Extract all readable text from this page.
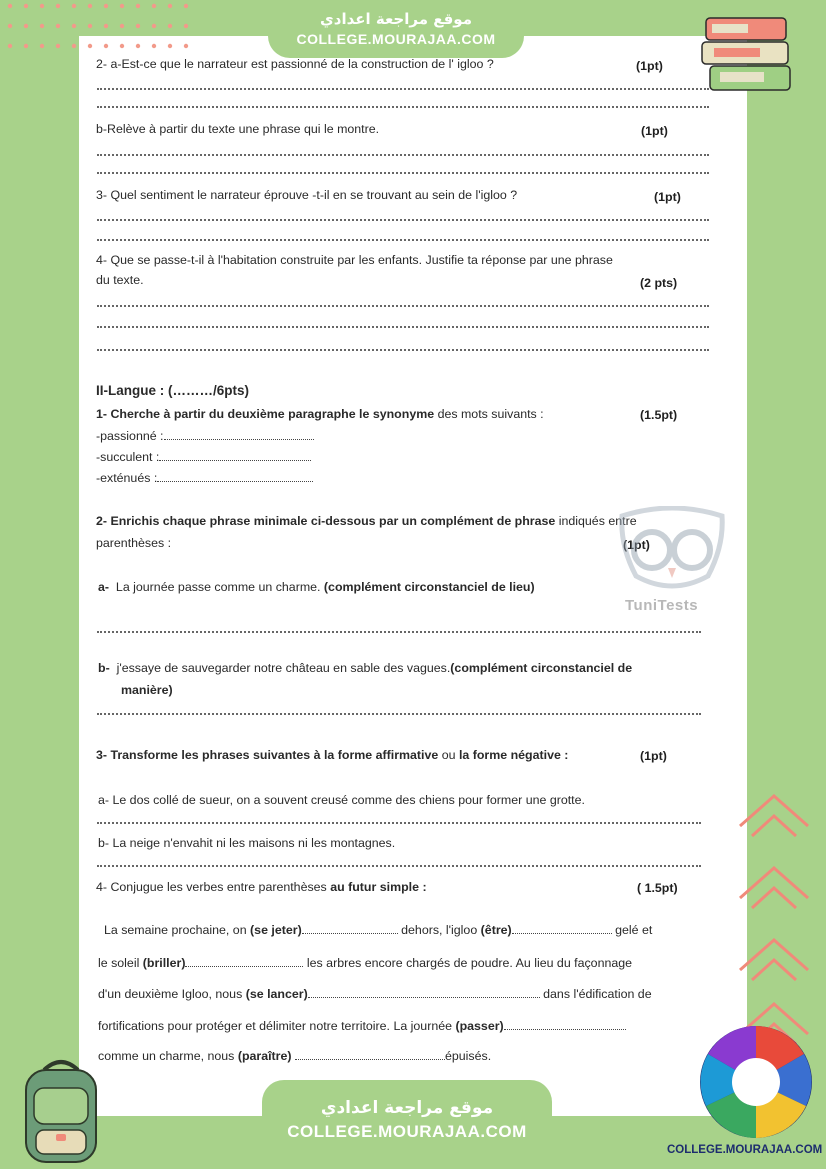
موقع مراجعة اعدادي
COLLEGE.MOURAJAA.COM
2- a-Est-ce que le narrateur est passionné de la construction de l' igloo ?	(1pt)
b-Relève à partir du texte une phrase qui le montre.	(1pt)
3- Quel sentiment le narrateur éprouve -t-il en se trouvant au sein de l'igloo ?	(1pt)
4- Que se passe-t-il à l'habitation construite par les enfants. Justifie ta réponse par une phrase
du texte.	(2 pts)
II-Langue : (………/6pts)
1- Cherche à partir du deuxième paragraphe le synonyme des mots suivants :	(1.5pt)
-passionné :
-succulent :
-exténués :
2- Enrichis chaque phrase minimale ci-dessous par un complément de phrase indiqués entre
parenthèses :	(1pt)
TuniTests
a- La journée passe comme un charme. (complément circonstanciel de lieu)
b- j'essaye de sauvegarder notre château en sable des vagues.(complément circonstanciel de
manière)
3- Transforme les phrases suivantes à la forme affirmative ou la forme négative :	(1pt)
a- Le dos collé de sueur, on a souvent creusé comme des chiens pour former une grotte.
b- La neige n'envahit ni les maisons ni les montagnes.
4- Conjugue les verbes entre parenthèses au futur simple :	( 1.5pt)
La semaine prochaine, on (se jeter)	dehors, l'igloo (être)	gelé et
le soleil (briller)	les arbres encore chargés de poudre. Au lieu du façonnage
d'un deuxième Igloo, nous (se lancer)	dans l'édification de
fortifications pour protéger et délimiter notre territoire. La journée (passer)
comme un charme, nous (paraître)	épuisés.
COLLEGE.MOURAJAA.COM
موقع مراجعة اعدادي
COLLEGE.MOURAJAA.COM
